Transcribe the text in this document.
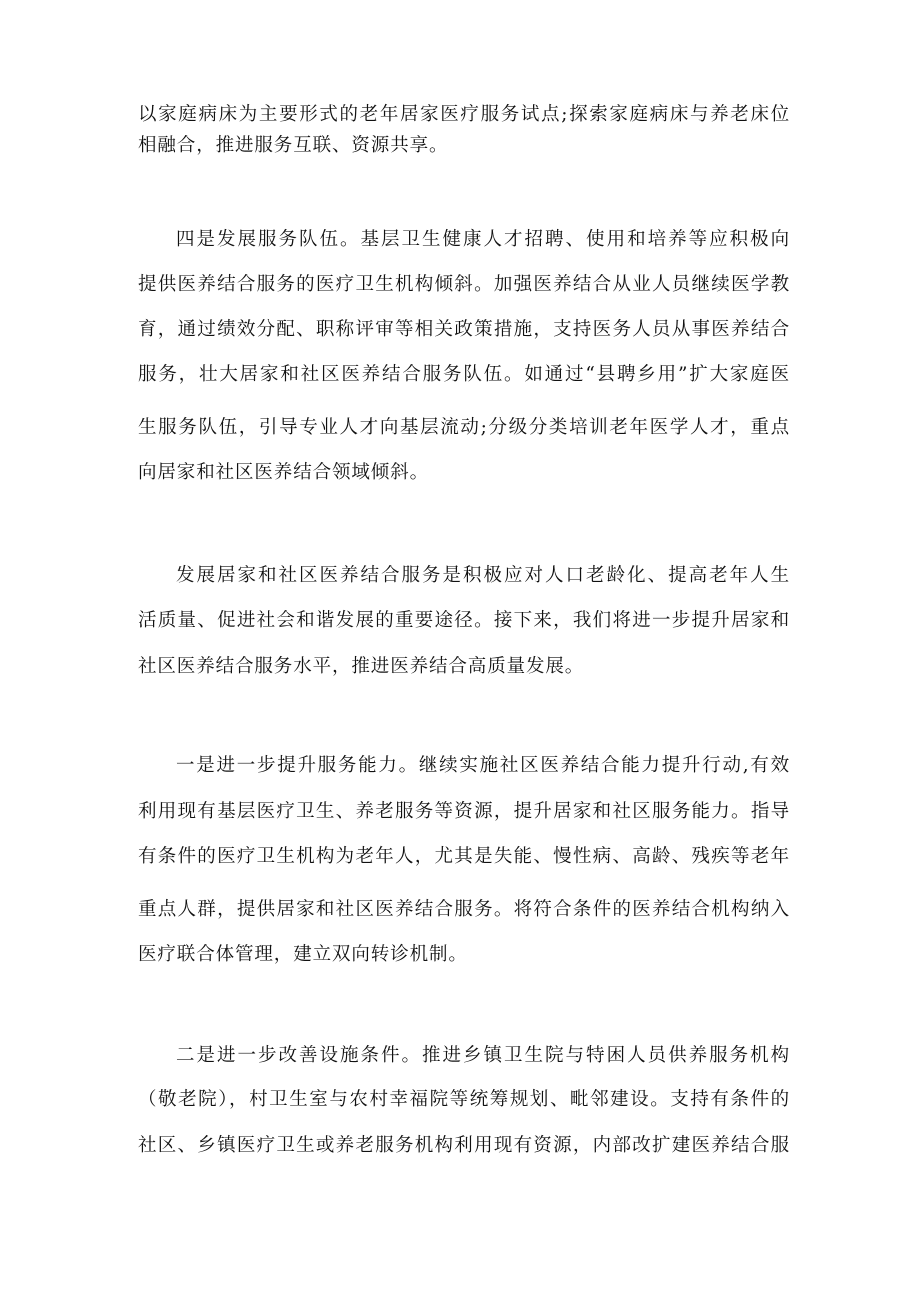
以家庭病床为主要形式的老年居家医疗服务试点;探索家庭病床与养老床位
相融合，推进服务互联、资源共享。
四是发展服务队伍。基层卫生健康人才招聘、使用和培养等应积极向
提供医养结合服务的医疗卫生机构倾斜。加强医养结合从业人员继续医学教
育，通过绩效分配、职称评审等相关政策措施，支持医务人员从事医养结合
服务，壮大居家和社区医养结合服务队伍。如通过“县聘乡用”扩大家庭医
生服务队伍，引导专业人才向基层流动;分级分类培训老年医学人才，重点
向居家和社区医养结合领域倾斜。
发展居家和社区医养结合服务是积极应对人口老龄化、提高老年人生
活质量、促进社会和谐发展的重要途径。接下来，我们将进一步提升居家和
社区医养结合服务水平，推进医养结合高质量发展。
一是进一步提升服务能力。继续实施社区医养结合能力提升行动,有效
利用现有基层医疗卫生、养老服务等资源，提升居家和社区服务能力。指导
有条件的医疗卫生机构为老年人，尤其是失能、慢性病、高龄、残疾等老年
重点人群，提供居家和社区医养结合服务。将符合条件的医养结合机构纳入
医疗联合体管理，建立双向转诊机制。
二是进一步改善设施条件。推进乡镇卫生院与特困人员供养服务机构
（敬老院），村卫生室与农村幸福院等统筹规划、毗邻建设。支持有条件的
社区、乡镇医疗卫生或养老服务机构利用现有资源，内部改扩建医养结合服
